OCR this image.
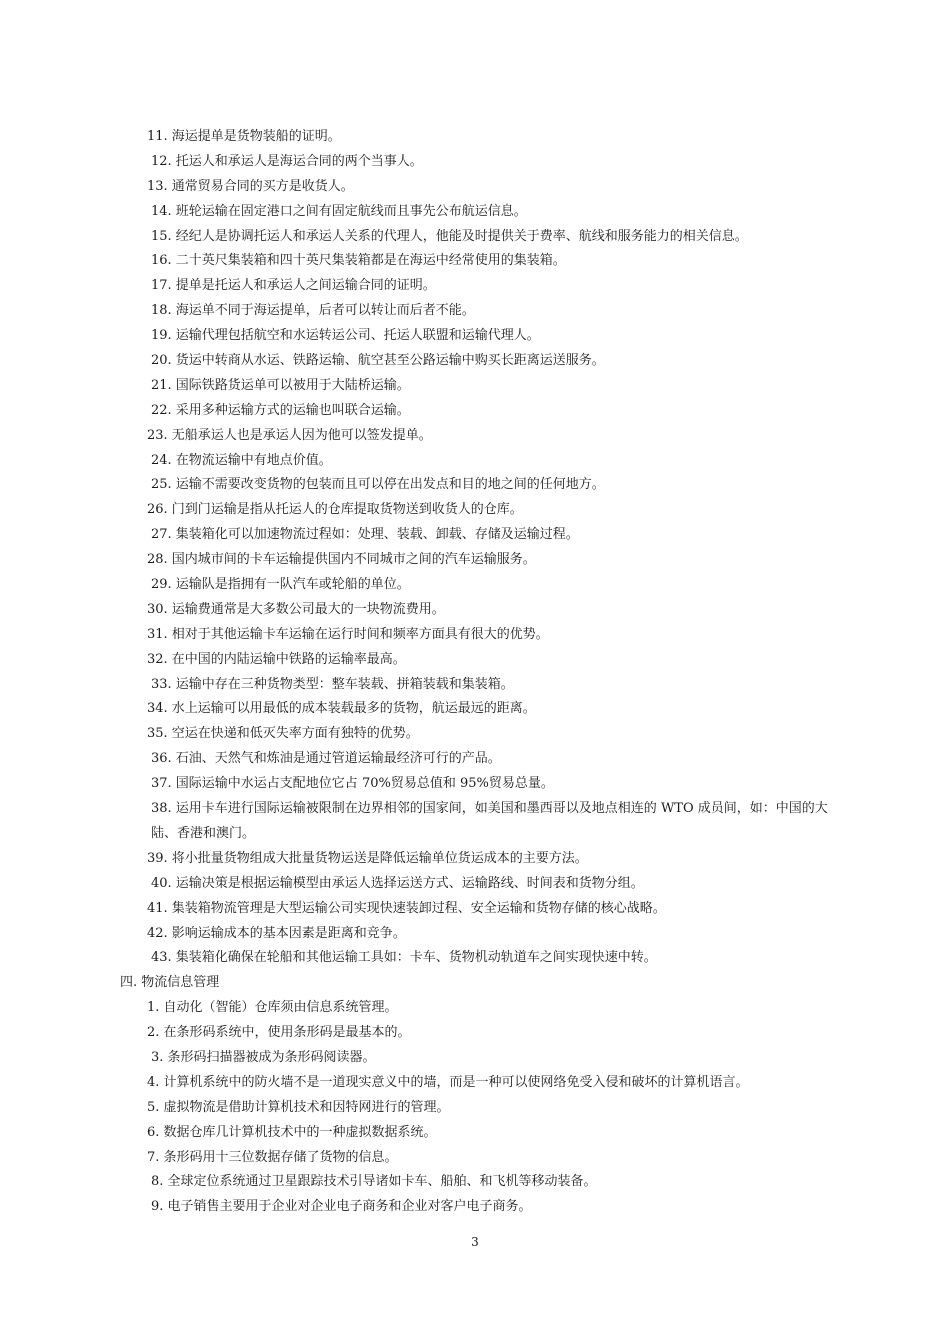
11. 海运提单是货物装船的证明。
12. 托运人和承运人是海运合同的两个当事人。
13. 通常贸易合同的买方是收货人。
14. 班轮运输在固定港口之间有固定航线而且事先公布航运信息。
15. 经纪人是协调托运人和承运人关系的代理人，他能及时提供关于费率、航线和服务能力的相关信息。
16. 二十英尺集装箱和四十英尺集装箱都是在海运中经常使用的集装箱。
17. 提单是托运人和承运人之间运输合同的证明。
18. 海运单不同于海运提单，后者可以转让而后者不能。
19. 运输代理包括航空和水运转运公司、托运人联盟和运输代理人。
20. 货运中转商从水运、铁路运输、航空甚至公路运输中购买长距离运送服务。
21. 国际铁路货运单可以被用于大陆桥运输。
22. 采用多种运输方式的运输也叫联合运输。
23. 无船承运人也是承运人因为他可以签发提单。
24. 在物流运输中有地点价值。
25. 运输不需要改变货物的包装而且可以停在出发点和目的地之间的任何地方。
26. 门到门运输是指从托运人的仓库提取货物送到收货人的仓库。
27. 集装箱化可以加速物流过程如：处理、装载、卸载、存储及运输过程。
28. 国内城市间的卡车运输提供国内不同城市之间的汽车运输服务。
29. 运输队是指拥有一队汽车或轮船的单位。
30. 运输费通常是大多数公司最大的一块物流费用。
31. 相对于其他运输卡车运输在运行时间和频率方面具有很大的优势。
32. 在中国的内陆运输中铁路的运输率最高。
33. 运输中存在三种货物类型：整车装载、拼箱装载和集装箱。
34. 水上运输可以用最低的成本装载最多的货物，航运最远的距离。
35. 空运在快递和低灭失率方面有独特的优势。
36. 石油、天然气和炼油是通过管道运输最经济可行的产品。
37. 国际运输中水运占支配地位它占 70%贸易总值和 95%贸易总量。
38. 运用卡车进行国际运输被限制在边界相邻的国家间，如美国和墨西哥以及地点相连的 WTO 成员间，如：中国的大陆、香港和澳门。
39. 将小批量货物组成大批量货物运送是降低运输单位货运成本的主要方法。
40. 运输决策是根据运输模型由承运人选择运送方式、运输路线、时间表和货物分组。
41. 集装箱物流管理是大型运输公司实现快速装卸过程、安全运输和货物存储的核心战略。
42. 影响运输成本的基本因素是距离和竞争。
43. 集装箱化确保在轮船和其他运输工具如：卡车、货物机动轨道车之间实现快速中转。
四. 物流信息管理
1. 自动化（智能）仓库须由信息系统管理。
2. 在条形码系统中，使用条形码是最基本的。
3. 条形码扫描器被成为条形码阅读器。
4. 计算机系统中的防火墙不是一道现实意义中的墙，而是一种可以使网络免受入侵和破坏的计算机语言。
5. 虚拟物流是借助计算机技术和因特网进行的管理。
6. 数据仓库几计算机技术中的一种虚拟数据系统。
7. 条形码用十三位数据存储了货物的信息。
8. 全球定位系统通过卫星跟踪技术引导诸如卡车、船舶、和飞机等移动装备。
9. 电子销售主要用于企业对企业电子商务和企业对客户电子商务。
3
